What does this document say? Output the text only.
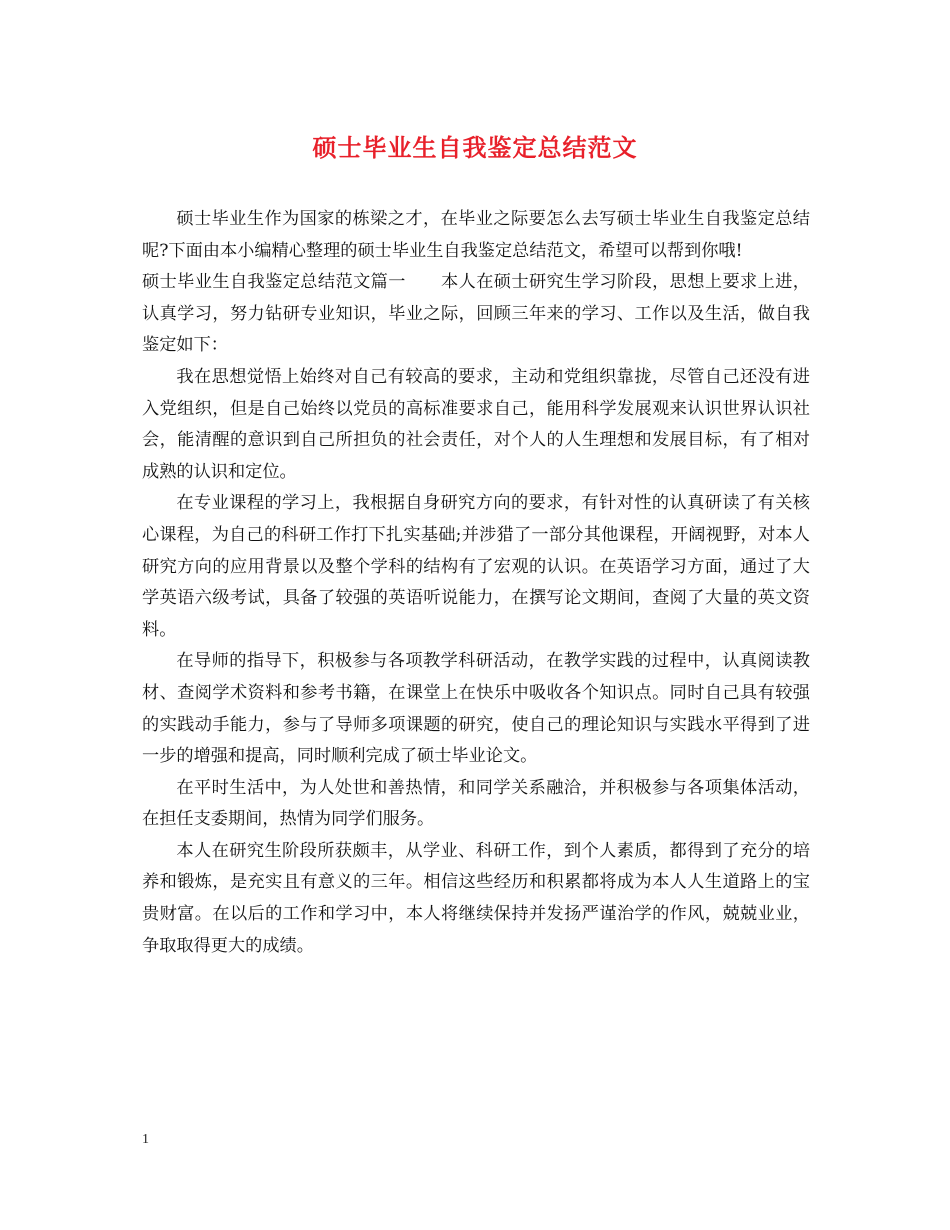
硕士毕业生自我鉴定总结范文

硕士毕业生作为国家的栋梁之才，在毕业之际要怎么去写硕士毕业生自我鉴定总结呢?下面由本小编精心整理的硕士毕业生自我鉴定总结范文，希望可以帮到你哦!

硕士毕业生自我鉴定总结范文篇一　　本人在硕士研究生学习阶段，思想上要求上进，认真学习，努力钻研专业知识，毕业之际，回顾三年来的学习、工作以及生活，做自我鉴定如下：

我在思想觉悟上始终对自己有较高的要求，主动和党组织靠拢，尽管自己还没有进入党组织，但是自己始终以党员的高标准要求自己，能用科学发展观来认识世界认识社会，能清醒的意识到自己所担负的社会责任，对个人的人生理想和发展目标，有了相对成熟的认识和定位。

在专业课程的学习上，我根据自身研究方向的要求，有针对性的认真研读了有关核心课程，为自己的科研工作打下扎实基础;并涉猎了一部分其他课程，开阔视野，对本人研究方向的应用背景以及整个学科的结构有了宏观的认识。在英语学习方面，通过了大学英语六级考试，具备了较强的英语听说能力，在撰写论文期间，查阅了大量的英文资料。

在导师的指导下，积极参与各项教学科研活动，在教学实践的过程中，认真阅读教材、查阅学术资料和参考书籍，在课堂上在快乐中吸收各个知识点。同时自己具有较强的实践动手能力，参与了导师多项课题的研究，使自己的理论知识与实践水平得到了进一步的增强和提高，同时顺利完成了硕士毕业论文。

在平时生活中，为人处世和善热情，和同学关系融洽，并积极参与各项集体活动，在担任支委期间，热情为同学们服务。

本人在研究生阶段所获颇丰，从学业、科研工作，到个人素质，都得到了充分的培养和锻炼，是充实且有意义的三年。相信这些经历和积累都将成为本人人生道路上的宝贵财富。在以后的工作和学习中，本人将继续保持并发扬严谨治学的作风，兢兢业业，争取取得更大的成绩。

1
